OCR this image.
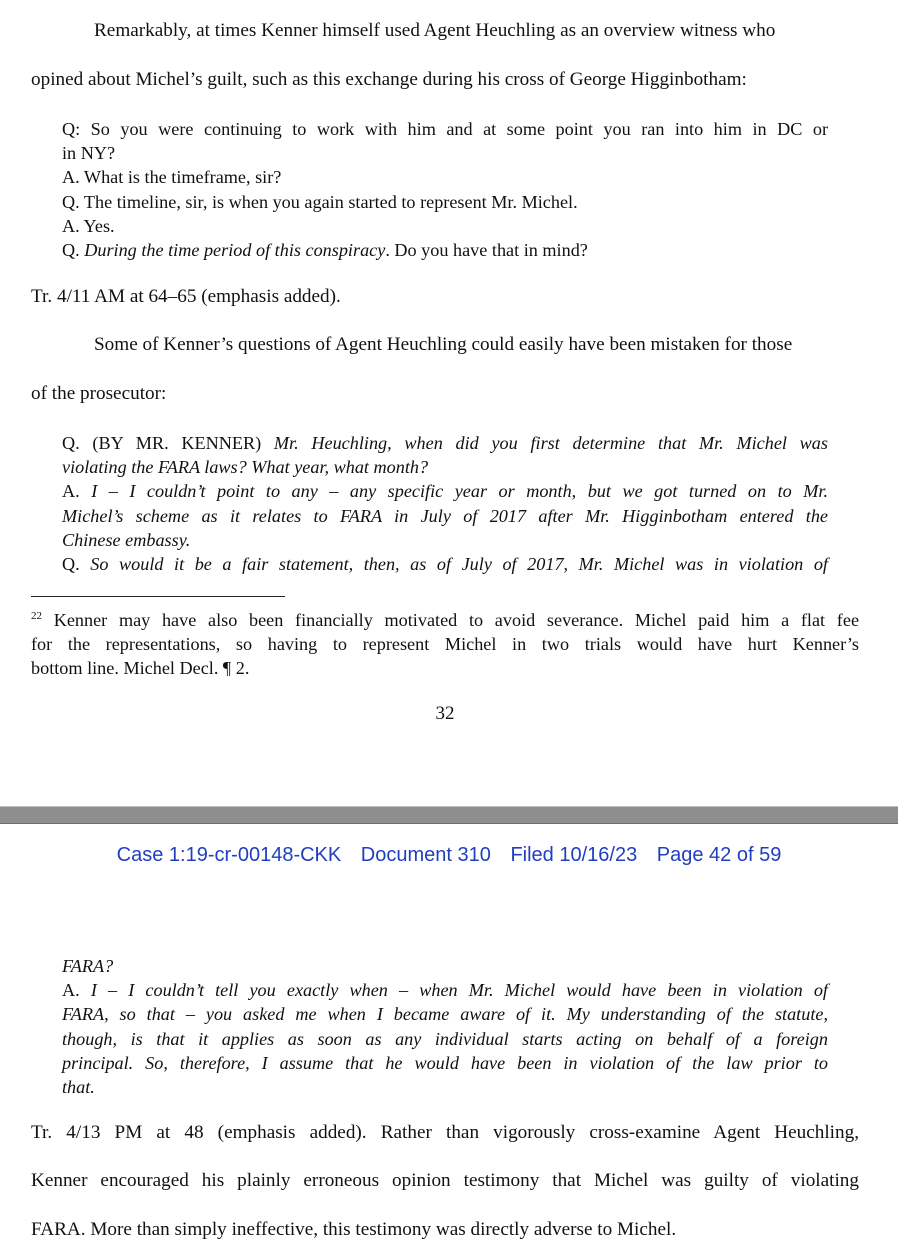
Remarkably, at times Kenner himself used Agent Heuchling as an overview witness who

opined about Michel’s guilt, such as this exchange during his cross of George Higginbotham:

Q: So you were continuing to work with him and at some point you ran into him in DC or
in NY?
A. What is the timeframe, sir?
Q. The timeline, sir, is when you again started to represent Mr. Michel.
A. Yes.
Q. During the time period of this conspiracy. Do you have that in mind?

Tr. 4/11 AM at 64–65 (emphasis added).

Some of Kenner’s questions of Agent Heuchling could easily have been mistaken for those

of the prosecutor:

Q. (BY MR. KENNER) Mr. Heuchling, when did you first determine that Mr. Michel was
violating the FARA laws? What year, what month?
A. I – I couldn’t point to any – any specific year or month, but we got turned on to Mr.
Michel’s scheme as it relates to FARA in July of 2017 after Mr. Higginbotham entered the
Chinese embassy.
Q. So would it be a fair statement, then, as of July of 2017, Mr. Michel was in violation of
$^{22}$ Kenner may have also been financially motivated to avoid severance. Michel paid him a flat fee
for the representations, so having to represent Michel in two trials would have hurt Kenner’s
bottom line. Michel Decl. ¶ 2.
32
Case 1:19-cr-00148-CKK Document 310 Filed 10/16/23 Page 42 of 59
FARA?
A. I – I couldn’t tell you exactly when – when Mr. Michel would have been in violation of
FARA, so that – you asked me when I became aware of it. My understanding of the statute,
though, is that it applies as soon as any individual starts acting on behalf of a foreign
principal. So, therefore, I assume that he would have been in violation of the law prior to
that.

Tr. 4/13 PM at 48 (emphasis added). Rather than vigorously cross-examine Agent Heuchling,

Kenner encouraged his plainly erroneous opinion testimony that Michel was guilty of violating

FARA. More than simply ineffective, this testimony was directly adverse to Michel.
